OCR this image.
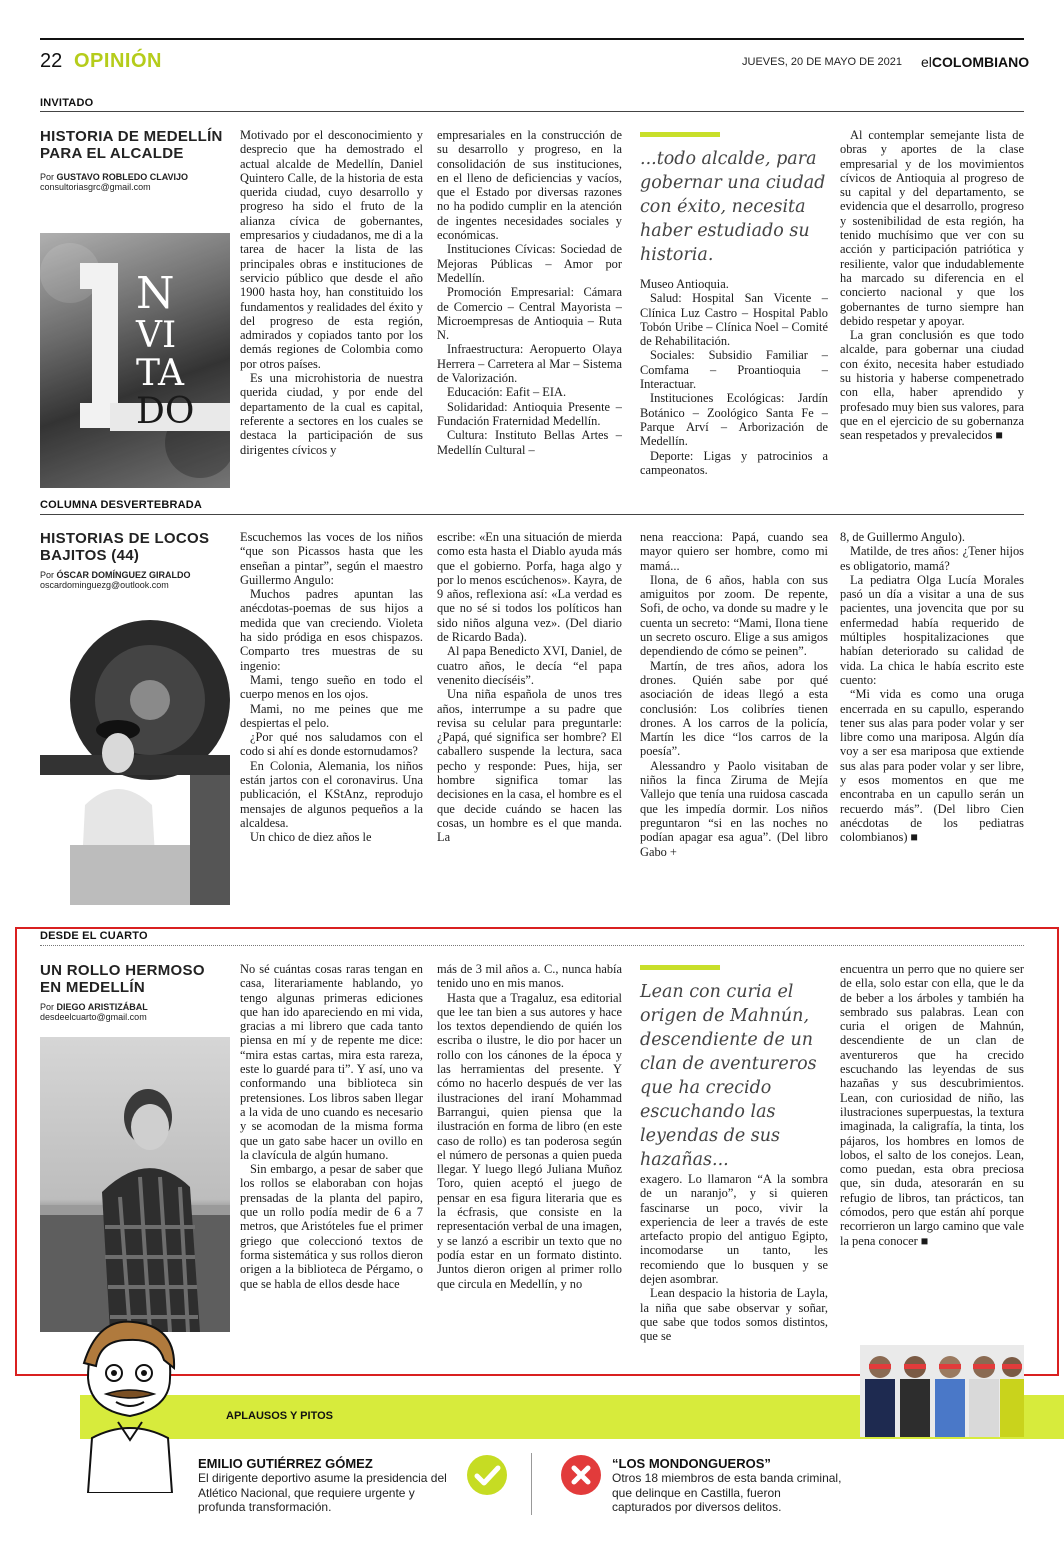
22 OPINIÓN	JUEVES, 20 DE MAYO DE 2021 elCOLOMBIANO
INVITADO
HISTORIA DE MEDELLÍN PARA EL ALCALDE
Por GUSTAVO ROBLEDO CLAVIJO
consultoriasgrc@gmail.com
N
VI
TA
DO

Motivado por el desconocimiento y desprecio que ha demostrado el actual alcalde de Medellín, Daniel Quintero Calle, de la historia de esta querida ciudad, cuyo desarrollo y progreso ha sido el fruto de la alianza cívica de gobernantes, empresarios y ciudadanos, me di a la tarea de hacer la lista de las principales obras e instituciones de servicio público que desde el año 1900 hasta hoy, han constituido los fundamentos y realidades del éxito y del progreso de esta región, admirados y copiados tanto por los demás regiones de Colombia como por otros países.

Es una microhistoria de nuestra querida ciudad, y por ende del departamento de la cual es capital, referente a sectores en los cuales se destaca la participación de sus dirigentes cívicos y

empresariales en la construcción de su desarrollo y progreso, en la consolidación de sus instituciones, en el lleno de deficiencias y vacíos, que el Estado por diversas razones no ha podido cumplir en la atención de ingentes necesidades sociales y económicas.

Instituciones Cívicas: Sociedad de Mejoras Públicas – Amor por Medellín.

Promoción Empresarial: Cámara de Comercio – Central Mayorista – Microempresas de Antioquia – Ruta N.

Infraestructura: Aeropuerto Olaya Herrera – Carretera al Mar – Sistema de Valorización.

Educación: Eafit – EIA.

Solidaridad: Antioquia Presente – Fundación Fraternidad Medellín.

Cultura: Instituto Bellas Artes – Medellín Cultural –

...todo alcalde, para gobernar una ciudad con éxito, necesita haber estudiado su historia.

Museo Antioquia.

Salud: Hospital San Vicente – Clínica Luz Castro – Hospital Pablo Tobón Uribe – Clínica Noel – Comité de Rehabilitación.

Sociales: Subsidio Familiar – Comfama – Proantioquia – Interactuar.

Instituciones Ecológicas: Jardín Botánico – Zoológico Santa Fe – Parque Arví – Arborización de Medellín.

Deporte: Ligas y patrocinios a campeonatos.

Al contemplar semejante lista de obras y aportes de la clase empresarial y de los movimientos cívicos de Antioquia al progreso de su capital y del departamento, se evidencia que el desarrollo, progreso y sostenibilidad de esta región, ha tenido muchísimo que ver con su acción y participación patriótica y resiliente, valor que indudablemente ha marcado su diferencia en el concierto nacional y que los gobernantes de turno siempre han debido respetar y apoyar.

La gran conclusión es que todo alcalde, para gobernar una ciudad con éxito, necesita haber estudiado su historia y haberse compenetrado con ella, haber aprendido y profesado muy bien sus valores, para que en el ejercicio de su gobernanza sean respetados y prevalecidos ■

COLUMNA DESVERTEBRADA
HISTORIAS DE LOCOS BAJITOS (44)
Por ÓSCAR DOMÍNGUEZ GIRALDO
oscardominguezg@outlook.com

Escuchemos las voces de los niños “que son Picassos hasta que les enseñan a pintar”, según el maestro Guillermo Angulo:

Muchos padres apuntan las anécdotas-poemas de sus hijos a medida que van creciendo. Violeta ha sido pródiga en esos chispazos. Comparto tres muestras de su ingenio:

Mami, tengo sueño en todo el cuerpo menos en los ojos.

Mami, no me peines que me despiertas el pelo.

¿Por qué nos saludamos con el codo si ahí es donde estornudamos?

En Colonia, Alemania, los niños están jartos con el coronavirus. Una publicación, el KStAnz, reprodujo mensajes de algunos pequeños a la alcaldesa.

Un chico de diez años le

escribe: «En una situación de mierda como esta hasta el Diablo ayuda más que el gobierno. Porfa, haga algo y por lo menos escúchenos». Kayra, de 9 años, reflexiona así: «La verdad es que no sé si todos los políticos han sido niños alguna vez». (Del diario de Ricardo Bada).

Al papa Benedicto XVI, Daniel, de cuatro años, le decía “el papa venenito diecíséis”.

Una niña española de unos tres años, interrumpe a su padre que revisa su celular para preguntarle: ¿Papá, qué significa ser hombre? El caballero suspende la lectura, saca pecho y responde: Pues, hija, ser hombre significa tomar las decisiones en la casa, el hombre es el que decide cuándo se hacen las cosas, un hombre es el que manda. La

nena reacciona: Papá, cuando sea mayor quiero ser hombre, como mi mamá...

Ilona, de 6 años, habla con sus amiguitos por zoom. De repente, Sofi, de ocho, va donde su madre y le cuenta un secreto: “Mami, Ilona tiene un secreto oscuro. Elige a sus amigos dependiendo de cómo se peinen”.

Martín, de tres años, adora los drones. Quién sabe por qué asociación de ideas llegó a esta conclusión: Los colibríes tienen drones. A los carros de la policía, Martín les dice “los carros de la poesía”.

Alessandro y Paolo visitaban de niños la finca Ziruma de Mejía Vallejo que tenía una ruidosa cascada que les impedía dormir. Los niños preguntaron “si en las noches no podían apagar esa agua”. (Del libro Gabo +

8, de Guillermo Angulo).

Matilde, de tres años: ¿Tener hijos es obligatorio, mamá?

La pediatra Olga Lucía Morales pasó un día a visitar a una de sus pacientes, una jovencita que por su enfermedad había requerido de múltiples hospitalizaciones que habían deteriorado su calidad de vida. La chica le había escrito este cuento:

“Mi vida es como una oruga encerrada en su capullo, esperando tener sus alas para poder volar y ser libre como una mariposa. Algún día voy a ser esa mariposa que extiende sus alas para poder volar y ser libre, y esos momentos en que me encontraba en un capullo serán un recuerdo más”. (Del libro Cien anécdotas de los pediatras colombianos) ■

DESDE EL CUARTO
UN ROLLO HERMOSO EN MEDELLÍN
Por DIEGO ARISTIZÁBAL
desdeelcuarto@gmail.com

No sé cuántas cosas raras tengan en casa, literariamente hablando, yo tengo algunas primeras ediciones que han ido apareciendo en mi vida, gracias a mi librero que cada tanto piensa en mí y de repente me dice: “mira estas cartas, mira esta rareza, este lo guardé para ti”. Y así, uno va conformando una biblioteca sin pretensiones. Los libros saben llegar a la vida de uno cuando es necesario y se acomodan de la misma forma que un gato sabe hacer un ovillo en la clavícula de algún humano.

Sin embargo, a pesar de saber que los rollos se elaboraban con hojas prensadas de la planta del papiro, que un rollo podía medir de 6 a 7 metros, que Aristóteles fue el primer griego que coleccionó textos de forma sistemática y sus rollos dieron origen a la biblioteca de Pérgamo, o que se habla de ellos desde hace

más de 3 mil años a. C., nunca había tenido uno en mis manos.

Hasta que a Tragaluz, esa editorial que lee tan bien a sus autores y hace los textos dependiendo de quién los escriba o ilustre, le dio por hacer un rollo con los cánones de la época y las herramientas del presente. Y cómo no hacerlo después de ver las ilustraciones del iraní Mohammad Barrangui, quien piensa que la ilustración en forma de libro (en este caso de rollo) es tan poderosa según el número de personas a quien pueda llegar. Y luego llegó Juliana Muñoz Toro, quien aceptó el juego de pensar en esa figura literaria que es la écfrasis, que consiste en la representación verbal de una imagen, y se lanzó a escribir un texto que no podía estar en un formato distinto. Juntos dieron origen al primer rollo que circula en Medellín, y no

Lean con curia el origen de Mahnún, descendiente de un clan de aventureros que ha crecido escuchando las leyendas de sus hazañas...

exagero. Lo llamaron “A la sombra de un naranjo”, y si quieren fascinarse un poco, vivir la experiencia de leer a través de este artefacto propio del antiguo Egipto, incomodarse un tanto, les recomiendo que lo busquen y se dejen asombrar.

Lean despacio la historia de Layla, la niña que sabe observar y soñar, que sabe que todos somos distintos, que se

encuentra un perro que no quiere ser de ella, solo estar con ella, que le da de beber a los árboles y también ha sembrado sus palabras. Lean con curia el origen de Mahnún, descendiente de un clan de aventureros que ha crecido escuchando las leyendas de sus hazañas y sus descubrimientos. Lean, con curiosidad de niño, las ilustraciones superpuestas, la textura imaginada, la caligrafía, la tinta, los pájaros, los hombres en lomos de lobos, el salto de los conejos. Lean, como puedan, esta obra preciosa que, sin duda, atesorarán en su refugio de libros, tan prácticos, tan cómodos, pero que están ahí porque recorrieron un largo camino que vale la pena conocer ■

APLAUSOS Y PITOS
EMILIO GUTIÉRREZ GÓMEZ
El dirigente deportivo asume la presidencia del Atlético Nacional, que requiere urgente y profunda transformación.
“LOS MONDONGUEROS”
Otros 18 miembros de esta banda criminal, que delinque en Castilla, fueron capturados por diversos delitos.
